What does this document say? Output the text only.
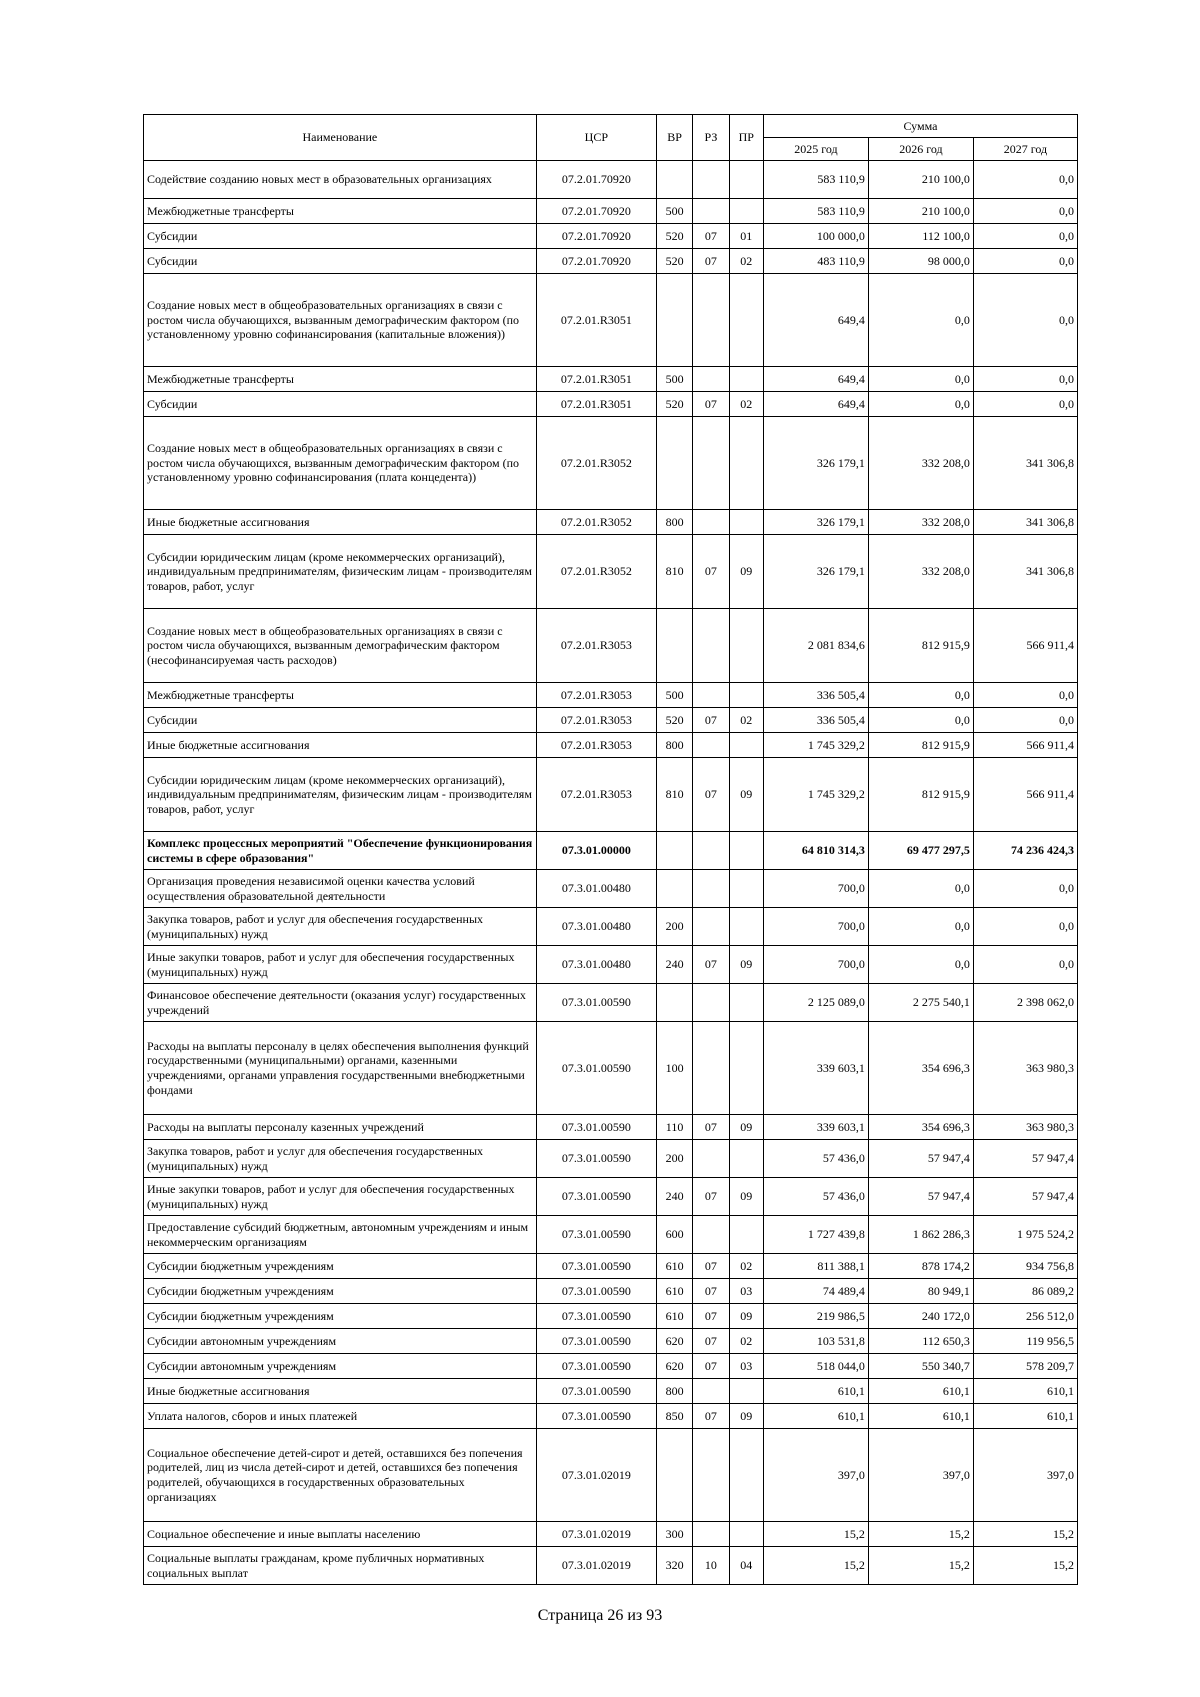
Наименование	ЦСР	ВР	РЗ	ПР	Сумма		
					2025 год	2026 год	2027 год
Содействие созданию новых мест в образовательных организациях	07.2.01.70920				583 110,9	210 100,0	0,0
Межбюджетные трансферты	07.2.01.70920	500			583 110,9	210 100,0	0,0
Субсидии	07.2.01.70920	520	07	01	100 000,0	112 100,0	0,0
Субсидии	07.2.01.70920	520	07	02	483 110,9	98 000,0	0,0
Создание новых мест в общеобразовательных организациях в связи с ростом числа обучающихся, вызванным демографическим фактором (по установленному уровню софинансирования (капитальные вложения))	07.2.01.R3051				649,4	0,0	0,0
Межбюджетные трансферты	07.2.01.R3051	500			649,4	0,0	0,0
Субсидии	07.2.01.R3051	520	07	02	649,4	0,0	0,0
Создание новых мест в общеобразовательных организациях в связи с ростом числа обучающихся, вызванным демографическим фактором (по установленному уровню софинансирования (плата концедента))	07.2.01.R3052				326 179,1	332 208,0	341 306,8
Иные бюджетные ассигнования	07.2.01.R3052	800			326 179,1	332 208,0	341 306,8
Субсидии юридическим лицам (кроме некоммерческих организаций), индивидуальным предпринимателям, физическим лицам - производителям товаров, работ, услуг	07.2.01.R3052	810	07	09	326 179,1	332 208,0	341 306,8
Создание новых мест в общеобразовательных организациях в связи с ростом числа обучающихся, вызванным демографическим фактором (несофинансируемая часть расходов)	07.2.01.R3053				2 081 834,6	812 915,9	566 911,4
Межбюджетные трансферты	07.2.01.R3053	500			336 505,4	0,0	0,0
Субсидии	07.2.01.R3053	520	07	02	336 505,4	0,0	0,0
Иные бюджетные ассигнования	07.2.01.R3053	800			1 745 329,2	812 915,9	566 911,4
Субсидии юридическим лицам (кроме некоммерческих организаций), индивидуальным предпринимателям, физическим лицам - производителям товаров, работ, услуг	07.2.01.R3053	810	07	09	1 745 329,2	812 915,9	566 911,4
Комплекс процессных мероприятий "Обеспечение функционирования системы в сфере образования"	07.3.01.00000				64 810 314,3	69 477 297,5	74 236 424,3
Организация проведения независимой оценки качества условий осуществления образовательной деятельности	07.3.01.00480				700,0	0,0	0,0
Закупка товаров, работ и услуг для обеспечения государственных (муниципальных) нужд	07.3.01.00480	200			700,0	0,0	0,0
Иные закупки товаров, работ и услуг для обеспечения государственных (муниципальных) нужд	07.3.01.00480	240	07	09	700,0	0,0	0,0
Финансовое обеспечение деятельности (оказания услуг) государственных учреждений	07.3.01.00590				2 125 089,0	2 275 540,1	2 398 062,0
Расходы на выплаты персоналу в целях обеспечения выполнения функций государственными (муниципальными) органами, казенными учреждениями, органами управления государственными внебюджетными фондами	07.3.01.00590	100			339 603,1	354 696,3	363 980,3
Расходы на выплаты персоналу казенных учреждений	07.3.01.00590	110	07	09	339 603,1	354 696,3	363 980,3
Закупка товаров, работ и услуг для обеспечения государственных (муниципальных) нужд	07.3.01.00590	200			57 436,0	57 947,4	57 947,4
Иные закупки товаров, работ и услуг для обеспечения государственных (муниципальных) нужд	07.3.01.00590	240	07	09	57 436,0	57 947,4	57 947,4
Предоставление субсидий бюджетным, автономным учреждениям и иным некоммерческим организациям	07.3.01.00590	600			1 727 439,8	1 862 286,3	1 975 524,2
Субсидии бюджетным учреждениям	07.3.01.00590	610	07	02	811 388,1	878 174,2	934 756,8
Субсидии бюджетным учреждениям	07.3.01.00590	610	07	03	74 489,4	80 949,1	86 089,2
Субсидии бюджетным учреждениям	07.3.01.00590	610	07	09	219 986,5	240 172,0	256 512,0
Субсидии автономным учреждениям	07.3.01.00590	620	07	02	103 531,8	112 650,3	119 956,5
Субсидии автономным учреждениям	07.3.01.00590	620	07	03	518 044,0	550 340,7	578 209,7
Иные бюджетные ассигнования	07.3.01.00590	800			610,1	610,1	610,1
Уплата налогов, сборов и иных платежей	07.3.01.00590	850	07	09	610,1	610,1	610,1
Социальное обеспечение детей-сирот и детей, оставшихся без попечения родителей, лиц из числа детей-сирот и детей, оставшихся без попечения родителей, обучающихся в государственных образовательных организациях	07.3.01.02019				397,0	397,0	397,0
Социальное обеспечение и иные выплаты населению	07.3.01.02019	300			15,2	15,2	15,2
Социальные выплаты гражданам, кроме публичных нормативных социальных выплат	07.3.01.02019	320	10	04	15,2	15,2	15,2
Страница 26 из 93
